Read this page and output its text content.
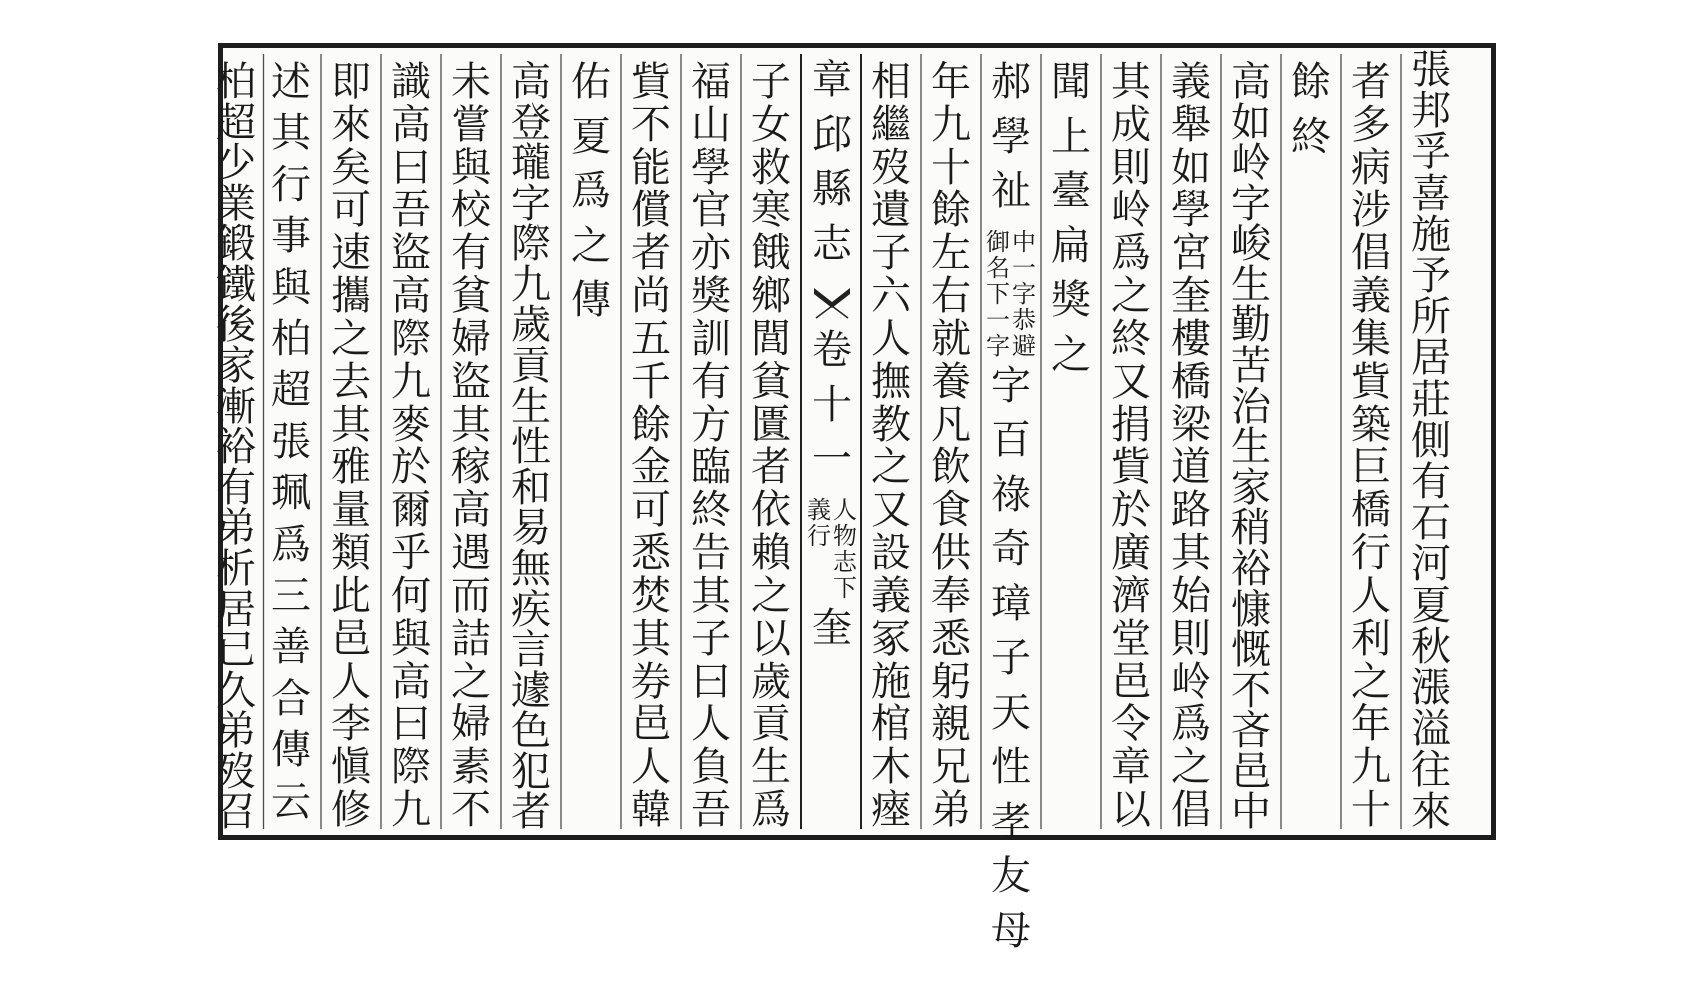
張
邦
孚
喜
施
予
所
居
莊
側
有
石
河
夏
秋
漲
溢
往
來
者
多
病
涉
倡
義
集
貲
築
巨
橋
行
人
利
之
年
九
十
餘
終
高
如
岭
字
峻
生
勤
苦
治
生
家
稍
裕
慷
慨
不
吝
邑
中
義
舉
如
學
宮
奎
樓
橋
梁
道
路
其
始
則
岭
爲
之
倡
其
成
則
岭
爲
之
終
又
捐
貲
於
廣
濟
堂
邑
令
章
以
聞
上
臺
扁
獎
之
年
九
十
餘
左
右
就
養
凡
飲
食
供
奉
悉
躬
親
兄
弟
相
繼
歿
遺
子
六
人
撫
教
之
又
設
義
冢
施
棺
木
瘞
子
女
救
寒
餓
鄉
閭
貧
匱
者
依
賴
之
以
歲
貢
生
爲
福
山
學
官
亦
獎
訓
有
方
臨
終
告
其
子
曰
人
負
吾
貲
不
能
償
者
尚
五
千
餘
金
可
悉
焚
其
券
邑
人
韓
佑
夏
爲
之
傳
高
登
瓏
字
際
九
歲
貢
生
性
和
易
無
疾
言
遽
色
犯
者
未
嘗
與
校
有
貧
婦
盜
其
稼
高
遇
而
詰
之
婦
素
不
識
高
曰
吾
盜
高
際
九
麥
於
爾
乎
何
與
高
曰
際
九
即
來
矣
可
速
攜
之
去
其
雅
量
類
此
邑
人
李
愼
修
述
其
行
事
與
柏
超
張
珮
爲
三
善
合
傳
云
柏
超
少
業
鍛
鐵
後
家
漸
裕
有
弟
析
居
已
久
弟
歿
召
郝
學
祉
中
一
字
恭
避
御
名
下
一
字
字
百
祿
奇
璋
子
天
性
孝
友
母
章
邱
縣
志
卷
十
一
人
物
志
下
義
行
奎
